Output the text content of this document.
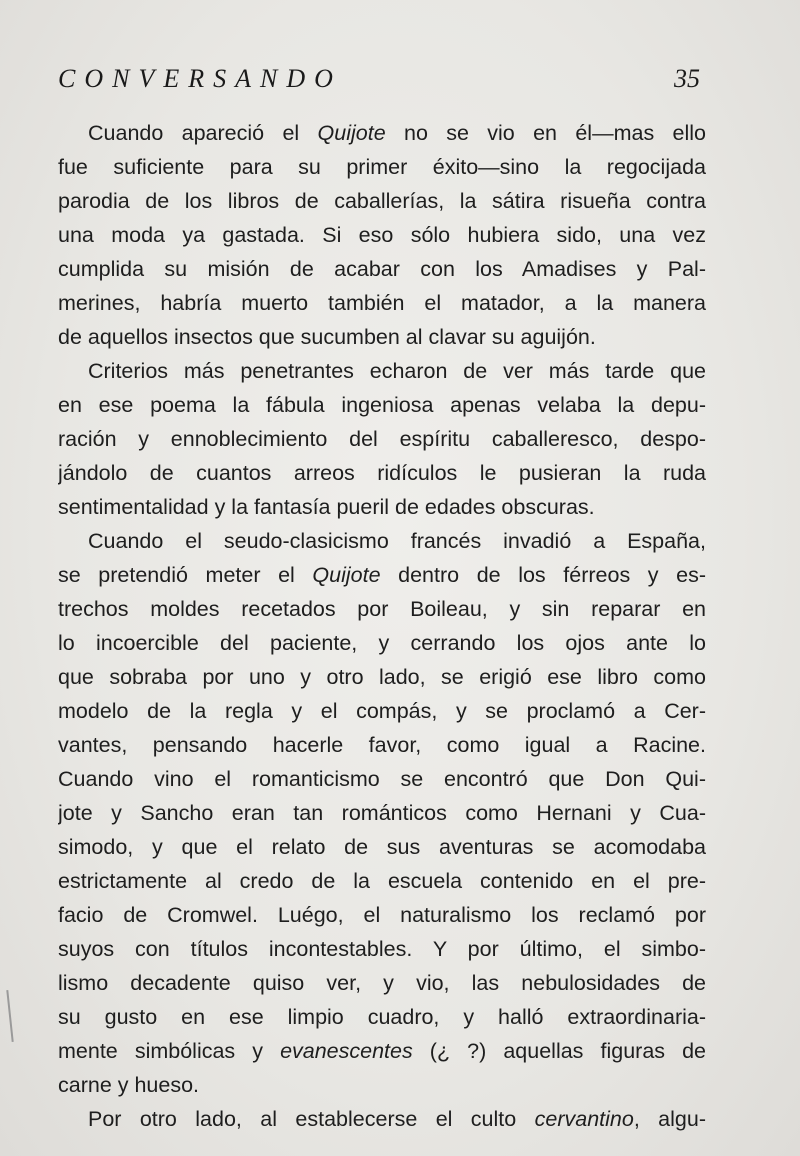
CONVERSANDO	35
Cuando apareció el Quijote no se vio en él—mas ello
fue suficiente para su primer éxito—sino la regocijada
parodia de los libros de caballerías, la sátira risueña contra
una moda ya gastada. Si eso sólo hubiera sido, una vez
cumplida su misión de acabar con los Amadises y Pal-
merines, habría muerto también el matador, a la manera
de aquellos insectos que sucumben al clavar su aguijón.
Criterios más penetrantes echaron de ver más tarde que
en ese poema la fábula ingeniosa apenas velaba la depu-
ración y ennoblecimiento del espíritu caballeresco, despo-
jándolo de cuantos arreos ridículos le pusieran la ruda
sentimentalidad y la fantasía pueril de edades obscuras.
Cuando el seudo-clasicismo francés invadió a España,
se pretendió meter el Quijote dentro de los férreos y es-
trechos moldes recetados por Boileau, y sin reparar en
lo incoercible del paciente, y cerrando los ojos ante lo
que sobraba por uno y otro lado, se erigió ese libro como
modelo de la regla y el compás, y se proclamó a Cer-
vantes, pensando hacerle favor, como igual a Racine.
Cuando vino el romanticismo se encontró que Don Qui-
jote y Sancho eran tan románticos como Hernani y Cua-
simodo, y que el relato de sus aventuras se acomodaba
estrictamente al credo de la escuela contenido en el pre-
facio de Cromwel. Luégo, el naturalismo los reclamó por
suyos con títulos incontestables. Y por último, el simbo-
lismo decadente quiso ver, y vio, las nebulosidades de
su gusto en ese limpio cuadro, y halló extraordinaria-
mente simbólicas y evanescentes (¿ ?) aquellas figuras de
carne y hueso.
Por otro lado, al establecerse el culto cervantino, algu-
